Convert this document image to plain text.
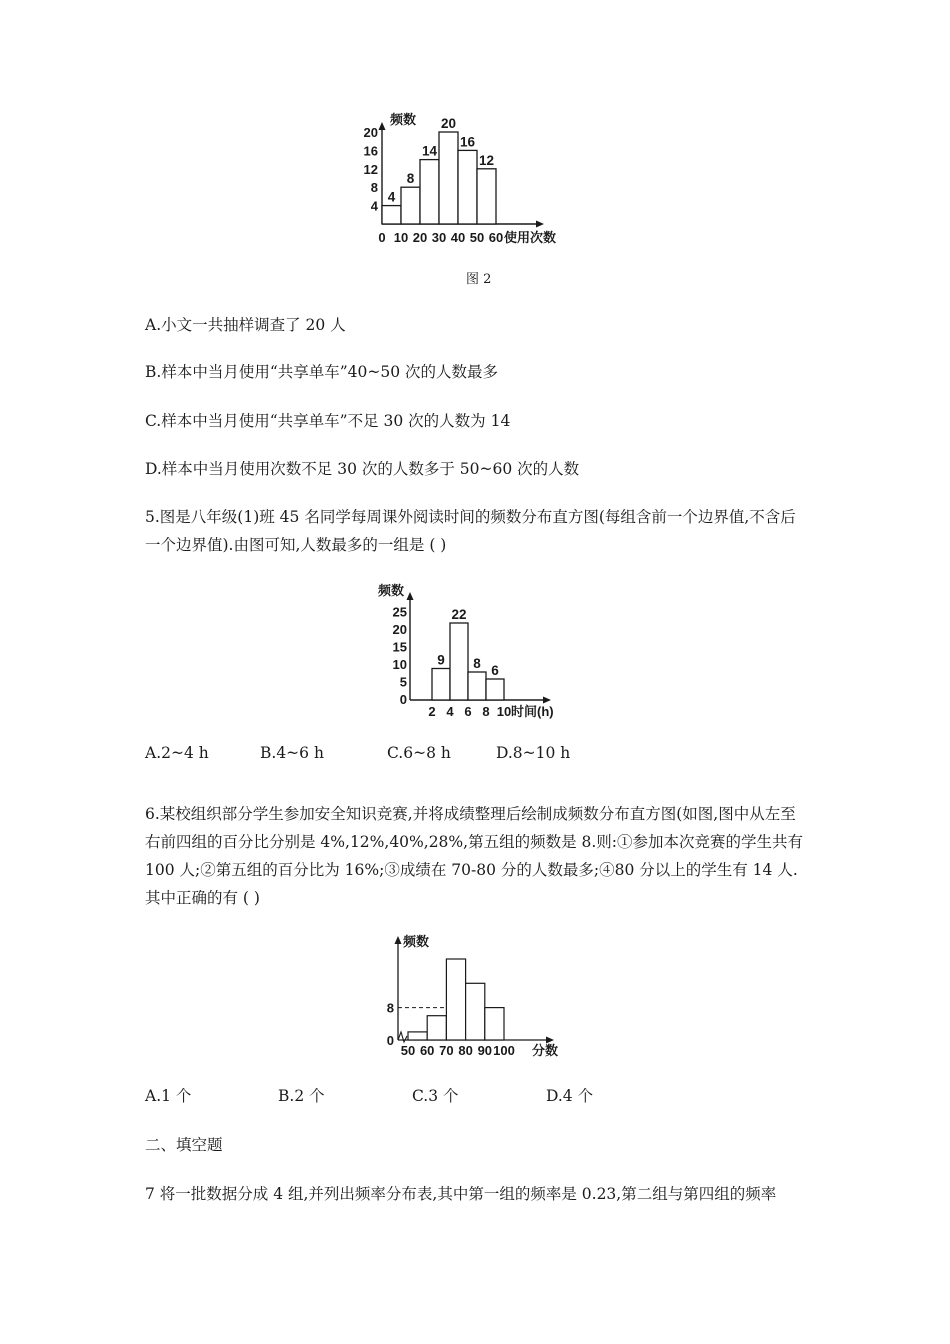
4
8
14
20
16
12
4
8
12
16
20
0 10 20 30 40 50 60
频数
使用次数
图 2
A.小文一共抽样调查了 20 人
B.样本中当月使用“共享单车”40~50 次的人数最多
C.样本中当月使用“共享单车”不足 30 次的人数为 14
D.样本中当月使用次数不足 30 次的人数多于 50~60 次的人数
5.图是八年级(1)班 45 名同学每周课外阅读时间的频数分布直方图(每组含前一个边界值,不含后一个边界值).由图可知,人数最多的一组是 ( )
9
22
8 6
0
5
10
15
20
25
2 4 6 8 10
频数
时间(h)
A.2~4 h	B.4~6 h	C.6~8 h	D.8~10 h
6.某校组织部分学生参加安全知识竞赛,并将成绩整理后绘制成频数分布直方图(如图,图中从左至右前四组的百分比分别是 4%,12%,40%,28%,第五组的频数是 8.则:①参加本次竞赛的学生共有 100 人;②第五组的百分比为 16%;③成绩在 70-80 分的人数最多;④80 分以上的学生有 14 人.其中正确的有 ( )
8
0
50 60 70 80 90 100
频数
分数
A.1 个	B.2 个	C.3 个	D.4 个
二、填空题
7 将一批数据分成 4 组,并列出频率分布表,其中第一组的频率是 0.23,第二组与第四组的频率
